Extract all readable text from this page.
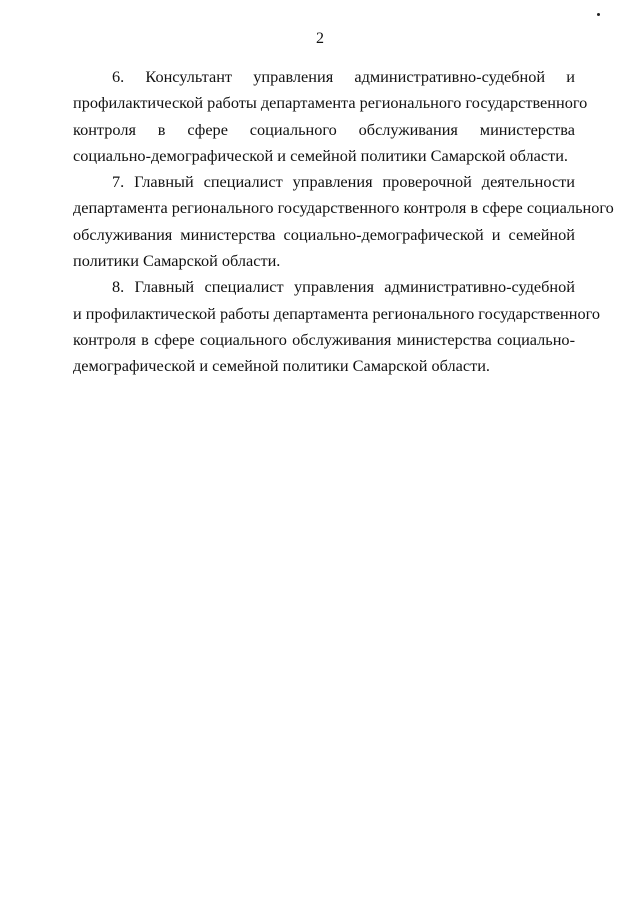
2
6. Консультант управления административно-судебной и
профилактической работы департамента регионального государственного
контроля в сфере социального обслуживания министерства
социально-демографической и семейной политики Самарской области.
7. Главный специалист управления проверочной деятельности
департамента регионального государственного контроля в сфере социального
обслуживания министерства социально-демографической и семейной
политики Самарской области.
8. Главный специалист управления административно-судебной
и профилактической работы департамента регионального государственного
контроля в сфере социального обслуживания министерства социально-
демографической и семейной политики Самарской области.
